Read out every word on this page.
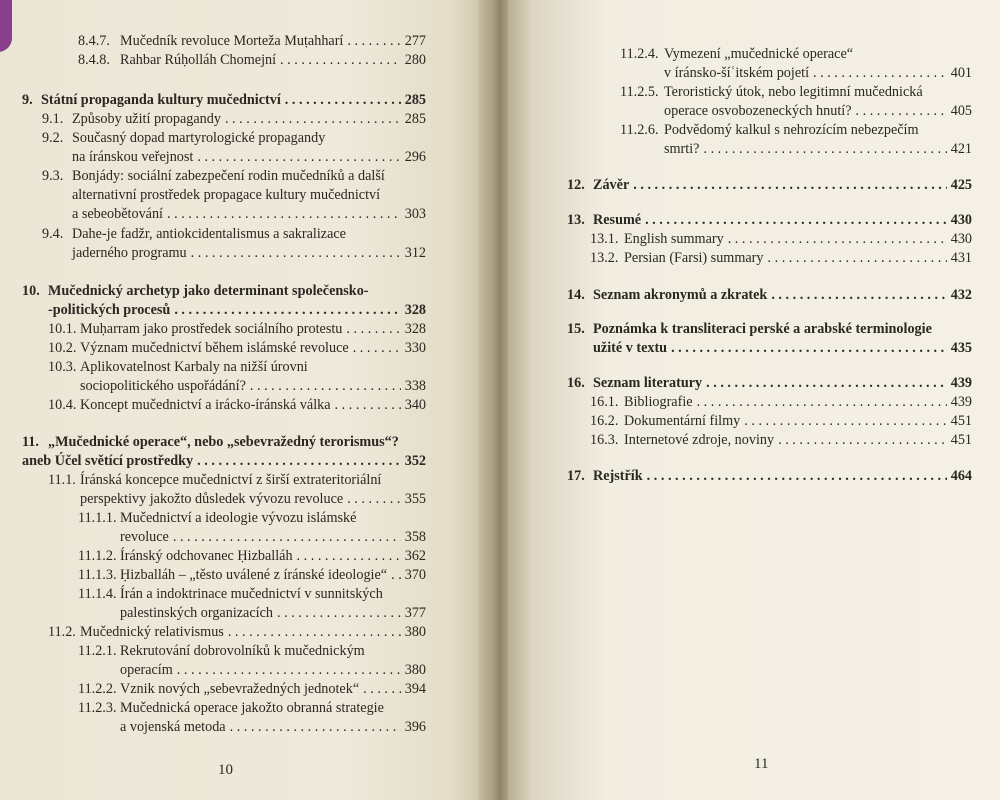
8.4.7. Mučedník revoluce Morteža Muṭahharí . . .	277
8.4.8. Rahbar Rúḥolláh Chomejní . . .	280
9. Státní propaganda kultury mučednictví . . .	285
9.1. Způsoby užití propagandy . . .	285
9.2. Současný dopad martyrologické propagandy
na íránskou veřejnost . . .	296
9.3. Bonjády: sociální zabezpečení rodin mučedníků a další
alternativní prostředek propagace kultury mučednictví
a sebeobětování . . .	303
9.4. Dahe-je fadžr, antiokcidentalismus a sakralizace
jaderného programu . . .	312
10. Mučednický archetyp jako determinant společensko-
-politických procesů . . .	328
10.1. Muḥarram jako prostředek sociálního protestu . . .	328
10.2. Význam mučednictví během islámské revoluce . . .	330
10.3. Aplikovatelnost Karbaly na nižší úrovni
sociopolitického uspořádání? . . .	338
10.4. Koncept mučednictví a irácko-íránská válka . . .	340
11. „Mučednické operace“, nebo „sebevražedný terorismus“?
aneb Účel světící prostředky . . .	352
11.1. Íránská koncepce mučednictví z širší extrateritoriální
perspektivy jakožto důsledek vývozu revoluce . . .	355
11.1.1. Mučednictví a ideologie vývozu islámské
revoluce . . .	358
11.1.2. Íránský odchovanec Ḥizballáh . . .	362
11.1.3. Ḥizballáh – „těsto uválené z íránské ideologie“ . . . 370
11.1.4. Írán a indoktrinace mučednictví v sunnitských
palestinských organizacích . . .	377
11.2. Mučednický relativismus . . .	380
11.2.1. Rekrutování dobrovolníků k mučednickým
operacím . . .	380
11.2.2. Vznik nových „sebevražedných jednotek“ . . .	394
11.2.3. Mučednická operace jakožto obranná strategie
a vojenská metoda . . .	396
10
11.2.4. Vymezení „mučednické operace“
v íránsko-šíʿitském pojetí . . .	401
11.2.5. Teroristický útok, nebo legitimní mučednická
operace osvobozeneckých hnutí? . . .	405
11.2.6. Podvědomý kalkul s nehrozícím nebezpečím
smrti? . . .	421
12. Závěr . . .	425
13. Resumé . . .	430
13.1. English summary . . .	430
13.2. Persian (Farsi) summary . . .	431
14. Seznam akronymů a zkratek . . .	432
15. Poznámka k transliteraci perské a arabské terminologie
užité v textu . . .	435
16. Seznam literatury . . .	439
16.1. Bibliografie . . .	439
16.2. Dokumentární filmy . . .	451
16.3. Internetové zdroje, noviny . . .	451
17. Rejstřík . . .	464
11
